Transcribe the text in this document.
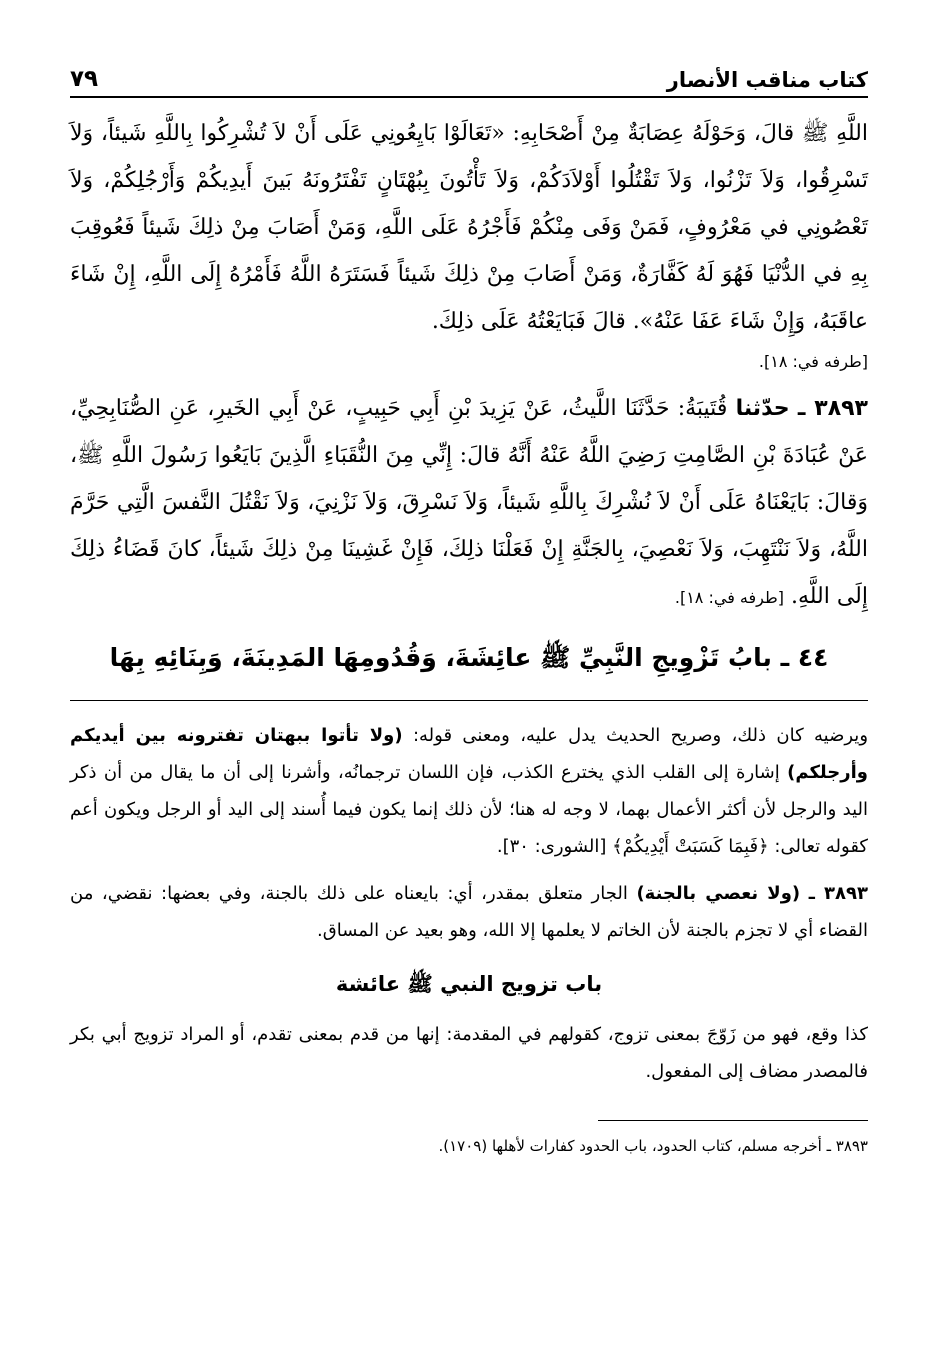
كتاب مناقب الأنصار
٧٩

اللَّهِ ﷺ قالَ، وَحَوْلَهُ عِصَابَةٌ مِنْ أَصْحَابِهِ: «تَعَالَوْا بَايِعُونِي عَلَى أَنْ لاَ تُشْرِكُوا بِاللَّهِ شَيئاً، وَلاَ تَسْرِقُوا، وَلاَ تَزْنُوا، وَلاَ تَقْتُلُوا أَوْلاَدَكُمْ، وَلاَ تَأْتُونَ بِبُهْتَانٍ تَفْتَرُونَهُ بَينَ أَيدِيكُمْ وَأَرْجُلِكُمْ، وَلاَ تَعْصُونِي في مَعْرُوفٍ، فَمَنْ وَفَى مِنْكُمْ فَأَجْرُهُ عَلَى اللَّهِ، وَمَنْ أَصَابَ مِنْ ذلِكَ شَيئاً فَعُوقِبَ بِهِ في الدُّنْيَا فَهُوَ لَهُ كَفَّارَةٌ، وَمَنْ أَصَابَ مِنْ ذلِكَ شَيئاً فَسَتَرَهُ اللَّهُ فَأَمْرُهُ إِلَى اللَّهِ، إِنْ شَاءَ عاقَبَهُ، وَإِنْ شَاءَ عَفَا عَنْهُ». قالَ فَبَايَعْتُهُ عَلَى ذلِكَ.

[طرفه في: ١٨].

٣٨٩٣ ـ حدّثنا قُتَيبَةُ: حَدَّثَنَا اللَّيثُ، عَنْ يَزِيدَ بْنِ أَبِي حَبِيبٍ، عَنْ أَبِي الخَيرِ، عَنِ الصُّنَابِحِيِّ، عَنْ عُبَادَةَ بْنِ الصَّامِتِ رَضِيَ اللَّهُ عَنْهُ أَنَّهُ قالَ: إِنِّي مِنَ النُّقَبَاءِ الَّذِينَ بَايَعُوا رَسُولَ اللَّهِ ﷺ، وَقالَ: بَايَعْنَاهُ عَلَى أَنْ لاَ نُشْرِكَ بِاللَّهِ شَيئاً، وَلاَ نَسْرِقَ، وَلاَ نَزْنِيَ، وَلاَ نَقْتُلَ النَّفسَ الَّتِي حَرَّمَ اللَّهُ، وَلاَ نَنْتَهِبَ، وَلاَ نَعْصِيَ، بِالجَنَّةِ إِنْ فَعَلْنَا ذلِكَ، فَإِنْ غَشِينَا مِنْ ذلِكَ شَيئاً، كانَ قَضَاءُ ذلِكَ إِلَى اللَّهِ. [طرفه في: ١٨].

٤٤ ـ بابُ تَزْوِيجِ النَّبِيِّ ﷺ عائِشَةَ، وَقُدُومِهَا المَدِينَةَ، وَبِنَائِهِ بِهَا

ويرضيه كان ذلك، وصريح الحديث يدل عليه، ومعنى قوله: (ولا تأتوا ببهتان تفترونه بين أيديكم وأرجلكم) إشارة إلى القلب الذي يخترع الكذب، فإن اللسان ترجمانُه، وأشرنا إلى أن ما يقال من أن ذكر اليد والرجل لأن أكثر الأعمال بهما، لا وجه له هنا؛ لأن ذلك إنما يكون فيما أُسند إلى اليد أو الرجل ويكون أعم كقوله تعالى: ﴿فَبِمَا كَسَبَتْ أَيْدِيكُمْ﴾ [الشورى: ٣٠].

٣٨٩٣ ـ (ولا نعصي بالجنة) الجار متعلق بمقدر، أي: بايعناه على ذلك بالجنة، وفي بعضها: نقضي، من القضاء أي لا تجزم بالجنة لأن الخاتم لا يعلمها إلا الله، وهو بعيد عن المساق.

باب تزويج النبي ﷺ عائشة

كذا وقع، فهو من زَوّجَ بمعنى تزوج، كقولهم في المقدمة: إنها من قدم بمعنى تقدم، أو المراد تزويج أبي بكر فالمصدر مضاف إلى المفعول.

٣٨٩٣ ـ أخرجه مسلم، كتاب الحدود، باب الحدود كفارات لأهلها (١٧٠٩).
